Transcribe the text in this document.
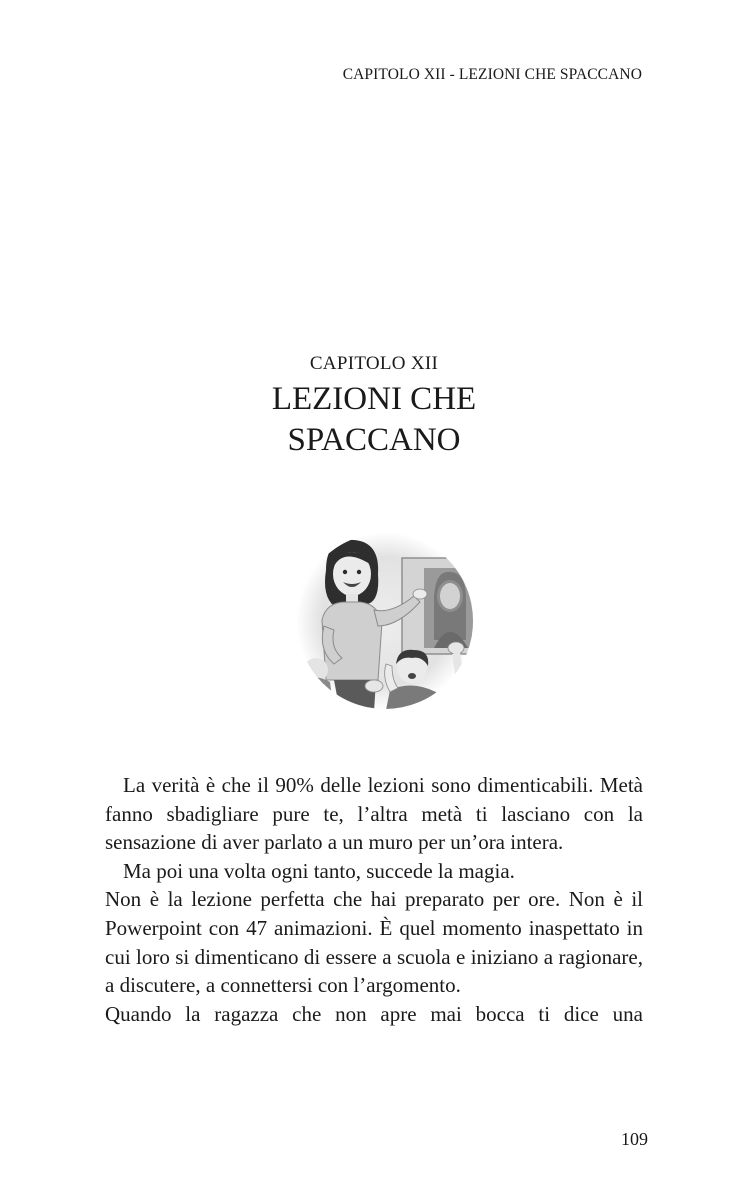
CAPITOLO XII - LEZIONI CHE SPACCANO
CAPITOLO XII
LEZIONI CHE
SPACCANO

La verità è che il 90% delle lezioni sono dimenticabili. Metà fanno sbadigliare pure te, l’altra metà ti lasciano con la sensazione di aver parlato a un muro per un’ora intera.

Ma poi una volta ogni tanto, succede la magia.

Non è la lezione perfetta che hai preparato per ore. Non è il Powerpoint con 47 animazioni. È quel momento inaspettato in cui loro si dimenticano di essere a scuola e iniziano a ragionare, a discutere, a connettersi con l’argomento.

Quando la ragazza che non apre mai bocca ti dice una

109
